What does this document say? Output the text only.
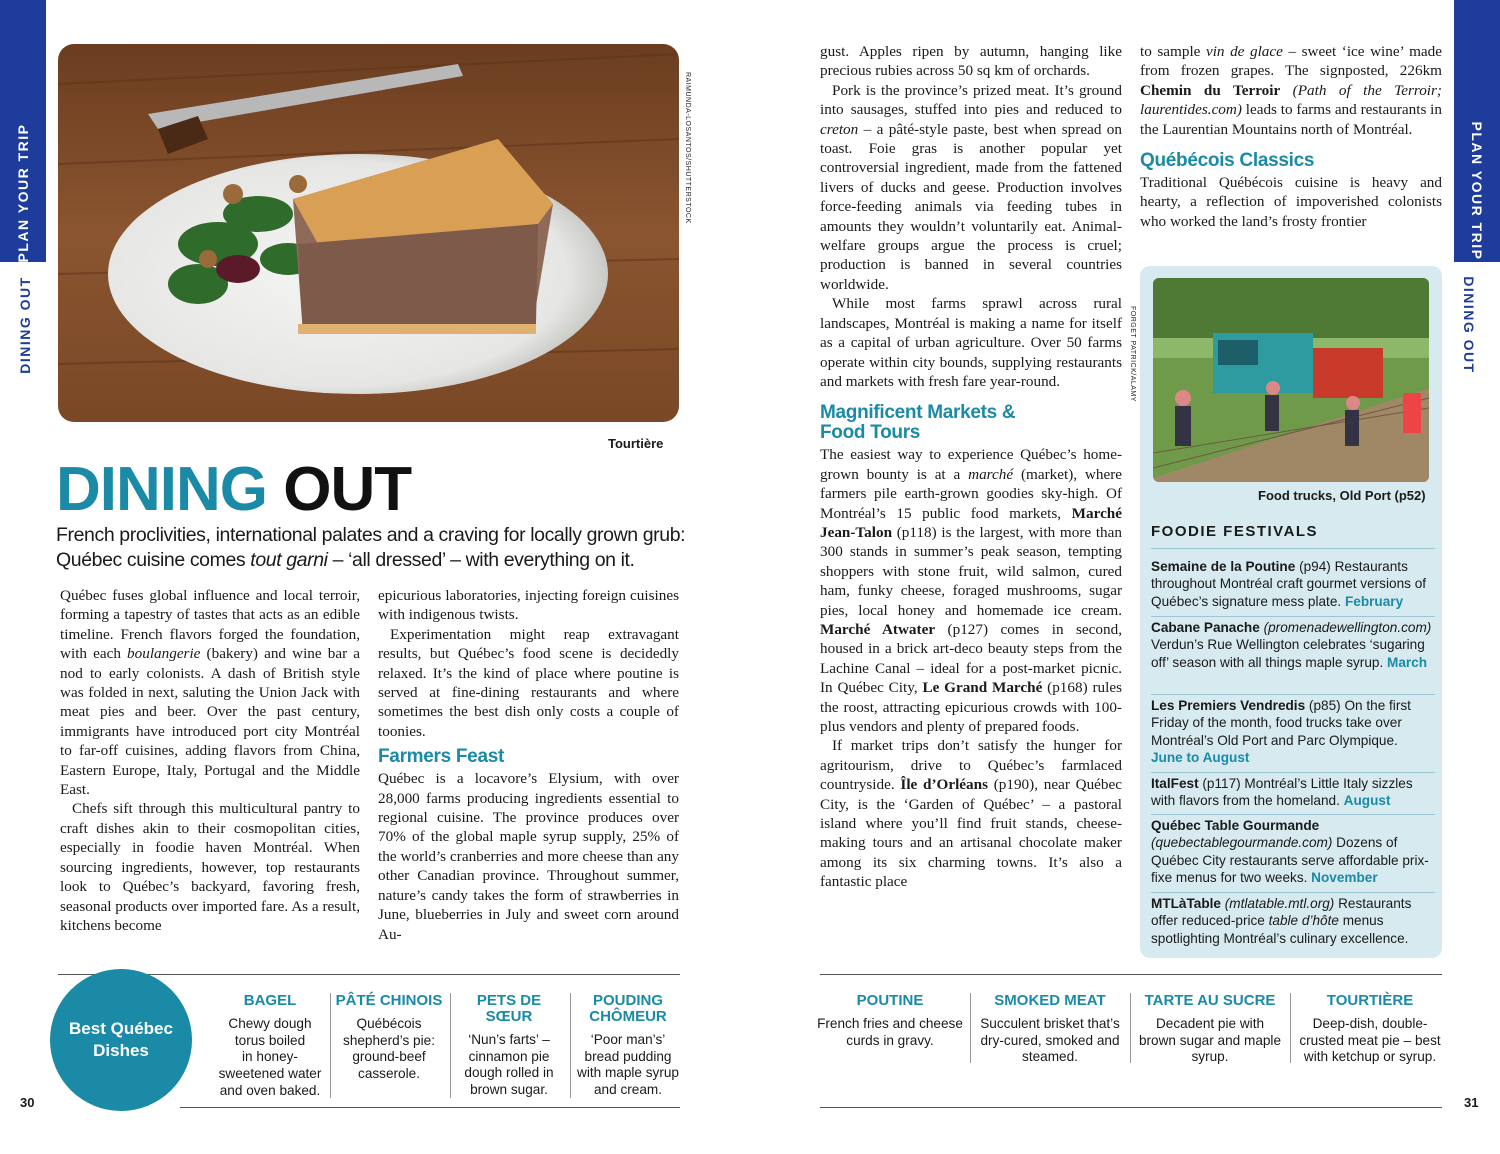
PLAN YOUR TRIP
DINING OUT
PLAN YOUR TRIP
DINING OUT
RAIMUNDA-LOSANTOS/SHUTTERSTOCK
Tourtière
DINING OUT
French proclivities, international palates and a craving for locally grown grub: Québec cuisine comes tout garni – ‘all dressed’ – with everything on it.

Québec fuses global influence and local terroir, forming a tapestry of tastes that acts as an edible timeline. French flavors forged the foundation, with each boulangerie (bakery) and wine bar a nod to early colonists. A dash of British style was folded in next, saluting the Union Jack with meat pies and beer. Over the past century, immigrants have introduced port city Montréal to far-off cuisines, adding flavors from China, Eastern Europe, Italy, Portugal and the Middle East.

Chefs sift through this multicultural pantry to craft dishes akin to their cosmopolitan cities, especially in foodie haven Montréal. When sourcing ingredients, however, top restaurants look to Québec’s backyard, favoring fresh, seasonal products over imported fare. As a result, kitchens become

epicurious laboratories, injecting foreign cuisines with indigenous twists.

Experimentation might reap extravagant results, but Québec’s food scene is decidedly relaxed. It’s the kind of place where poutine is served at fine-dining restaurants and where sometimes the best dish only costs a couple of toonies.

Farmers Feast

Québec is a locavore’s Elysium, with over 28,000 farms producing ingredients essential to regional cuisine. The province produces over 70% of the global maple syrup supply, 25% of the world’s cranberries and more cheese than any other Canadian province. Throughout summer, nature’s candy takes the form of strawberries in June, blueberries in July and sweet corn around Au-

gust. Apples ripen by autumn, hanging like precious rubies across 50 sq km of orchards.

Pork is the province’s prized meat. It’s ground into sausages, stuffed into pies and reduced to creton – a pâté-style paste, best when spread on toast. Foie gras is another popular yet controversial ingredient, made from the fattened livers of ducks and geese. Production involves force-feeding animals via feeding tubes in amounts they wouldn’t voluntarily eat. Animal-welfare groups argue the process is cruel; production is banned in several countries worldwide.

While most farms sprawl across rural landscapes, Montréal is making a name for itself as a capital of urban agriculture. Over 50 farms operate within city bounds, supplying restaurants and markets with fresh fare year-round.

Magnificent Markets & Food Tours

The easiest way to experience Québec’s home-grown bounty is at a marché (market), where farmers pile earth-grown goodies sky-high. Of Montréal’s 15 public food markets, Marché Jean-Talon (p118) is the largest, with more than 300 stands in summer’s peak season, tempting shoppers with stone fruit, wild salmon, cured ham, funky cheese, foraged mushrooms, sugar pies, local honey and homemade ice cream. Marché Atwater (p127) comes in second, housed in a brick art-deco beauty steps from the Lachine Canal – ideal for a post-market picnic. In Québec City, Le Grand Marché (p168) rules the roost, attracting epicurious crowds with 100-plus vendors and plenty of prepared foods.

If market trips don’t satisfy the hunger for agritourism, drive to Québec’s farmlaced countryside. Île d’Orléans (p190), near Québec City, is the ‘Garden of Québec’ – a pastoral island where you’ll find fruit stands, cheese-making tours and an artisanal chocolate maker among its six charming towns. It’s also a fantastic place

to sample vin de glace – sweet ‘ice wine’ made from frozen grapes. The signposted, 226km Chemin du Terroir (Path of the Terroir; laurentides.com) leads to farms and restaurants in the Laurentian Mountains north of Montréal.

Québécois Classics

Traditional Québécois cuisine is heavy and hearty, a reflection of impoverished colonists who worked the land’s frosty frontier

FORGET PATRICK/ALAMY
Food trucks, Old Port (p52)
FOODIE FESTIVALS
Semaine de la Poutine (p94) Restaurants throughout Montréal craft gourmet versions of Québec’s signature mess plate. February
Cabane Panache (promenadewellington.com) Verdun’s Rue Wellington celebrates ‘sugaring off’ season with all things maple syrup. March
Les Premiers Vendredis (p85) On the first Friday of the month, food trucks take over Montréal’s Old Port and Parc Olympique. June to August
ItalFest (p117) Montréal’s Little Italy sizzles with flavors from the homeland. August
Québec Table Gourmande (quebectablegourmande.com) Dozens of Québec City restaurants serve affordable prix-fixe menus for two weeks. November
MTLàTable (mtlatable.mtl.org) Restaurants offer reduced-price table d’hôte menus spotlighting Montréal’s culinary excellence.
Best Québec Dishes
BAGEL
Chewy dough
torus boiled
in honey-
sweetened water
and oven baked.
PÂTÉ CHINOIS
Québécois
shepherd’s pie:
ground-beef
casserole.
PETS DE
SŒUR
‘Nun’s farts’ –
cinnamon pie
dough rolled in
brown sugar.
POUDING
CHÔMEUR
‘Poor man’s’
bread pudding
with maple syrup
and cream.
POUTINE
French fries and cheese
curds in gravy.
SMOKED MEAT
Succulent brisket that’s
dry-cured, smoked and
steamed.
TARTE AU SUCRE
Decadent pie with
brown sugar and maple
syrup.
TOURTIÈRE
Deep-dish, double-
crusted meat pie – best
with ketchup or syrup.
30	31
